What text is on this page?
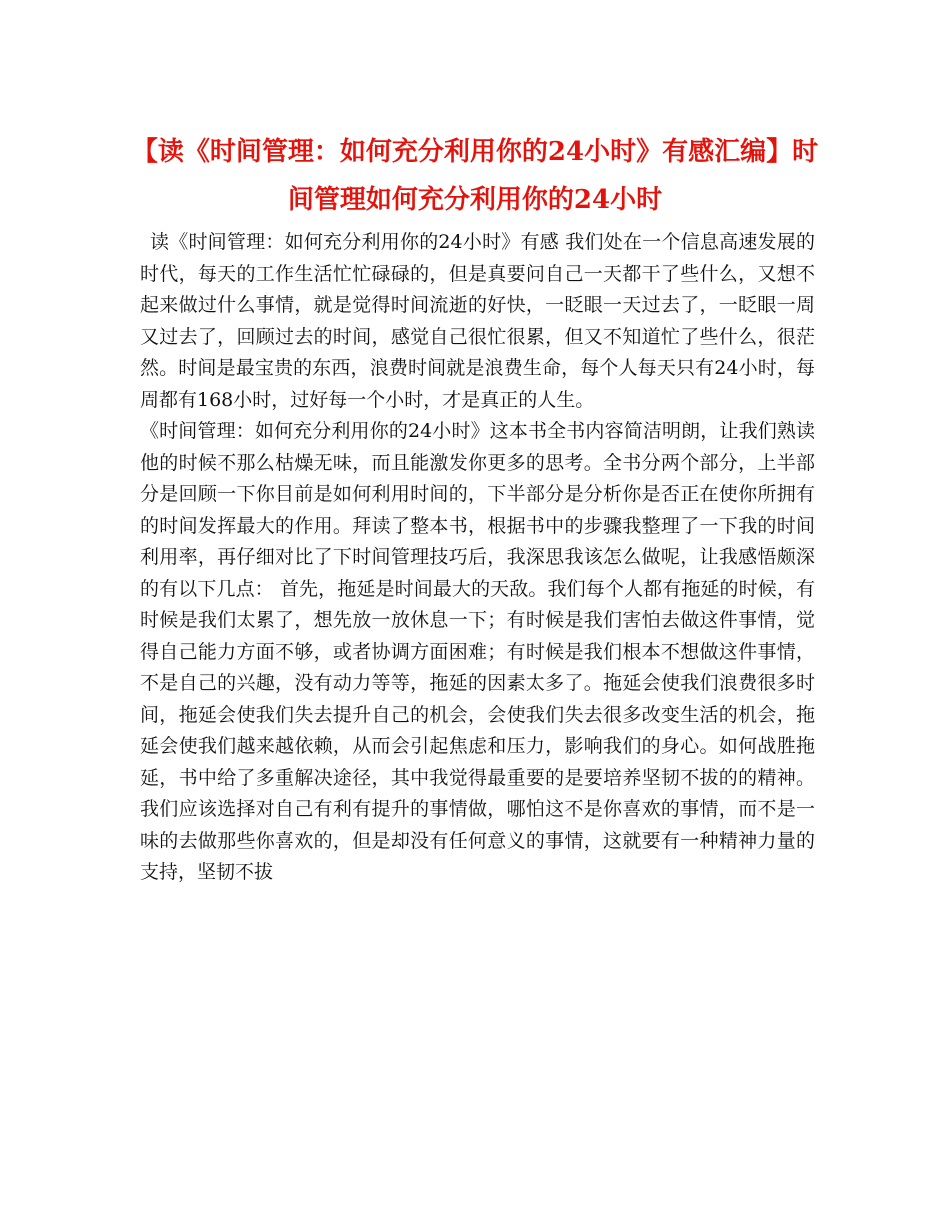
【读《时间管理：如何充分利用你的24小时》有感汇编】时间管理如何充分利用你的24小时

读《时间管理：如何充分利用你的24小时》有感 我们处在一个信息高速发展的时代，每天的工作生活忙忙碌碌的，但是真要问自己一天都干了些什么，又想不起来做过什么事情，就是觉得时间流逝的好快，一眨眼一天过去了，一眨眼一周又过去了，回顾过去的时间，感觉自己很忙很累，但又不知道忙了些什么，很茫然。时间是最宝贵的东西，浪费时间就是浪费生命，每个人每天只有24小时，每周都有168小时，过好每一个小时，才是真正的人生。

《时间管理：如何充分利用你的24小时》这本书全书内容简洁明朗，让我们熟读他的时候不那么枯燥无味，而且能激发你更多的思考。全书分两个部分，上半部分是回顾一下你目前是如何利用时间的，下半部分是分析你是否正在使你所拥有的时间发挥最大的作用。拜读了整本书，根据书中的步骤我整理了一下我的时间利用率，再仔细对比了下时间管理技巧后，我深思我该怎么做呢，让我感悟颇深的有以下几点： 首先，拖延是时间最大的天敌。我们每个人都有拖延的时候，有时候是我们太累了，想先放一放休息一下；有时候是我们害怕去做这件事情，觉得自己能力方面不够，或者协调方面困难；有时候是我们根本不想做这件事情，不是自己的兴趣，没有动力等等，拖延的因素太多了。拖延会使我们浪费很多时间，拖延会使我们失去提升自己的机会，会使我们失去很多改变生活的机会，拖延会使我们越来越依赖，从而会引起焦虑和压力，影响我们的身心。如何战胜拖延，书中给了多重解决途径，其中我觉得最重要的是要培养坚韧不拔的的精神。我们应该选择对自己有利有提升的事情做，哪怕这不是你喜欢的事情，而不是一味的去做那些你喜欢的，但是却没有任何意义的事情，这就要有一种精神力量的支持，坚韧不拔
